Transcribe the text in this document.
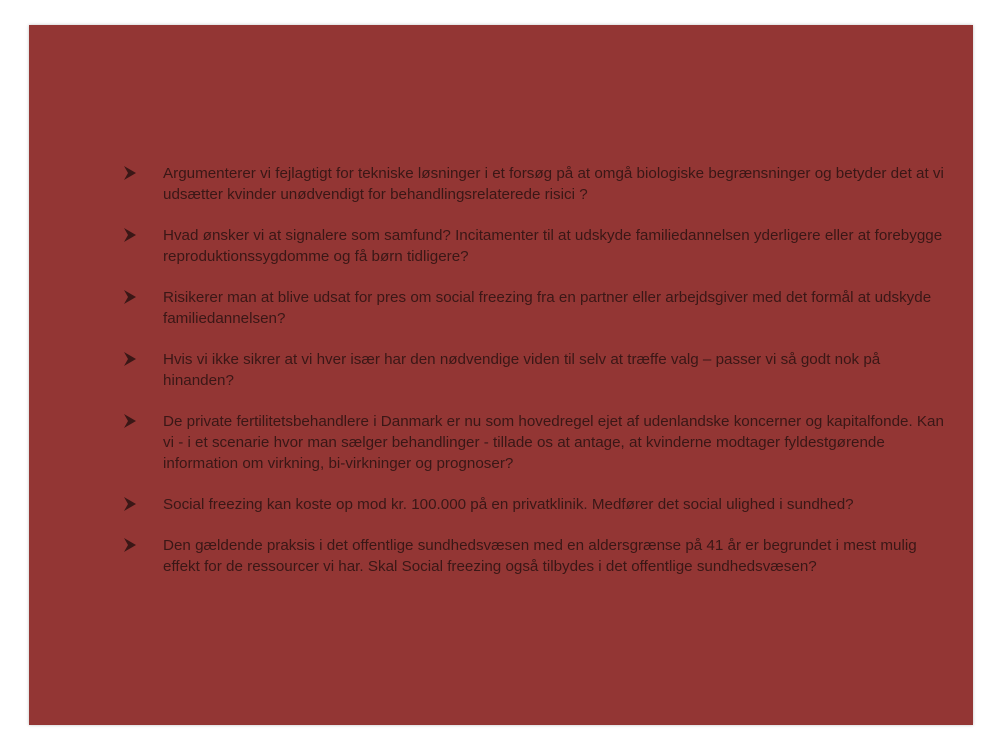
Argumenterer vi fejlagtigt for tekniske løsninger i et forsøg på at omgå biologiske begrænsninger og betyder det at vi udsætter kvinder unødvendigt for behandlingsrelaterede risici ?
Hvad ønsker vi at signalere som samfund? Incitamenter til at udskyde familiedannelsen yderligere eller at forebygge reproduktionssygdomme og få børn tidligere?
Risikerer man at blive udsat for pres om social freezing fra en partner eller arbejdsgiver med det formål at udskyde familiedannelsen?
Hvis vi ikke sikrer at vi hver især har den nødvendige viden til selv at træffe valg – passer vi så godt nok på hinanden?
De private fertilitetsbehandlere i Danmark er nu som hovedregel ejet af udenlandske koncerner og kapitalfonde. Kan vi - i et scenarie hvor man sælger behandlinger - tillade os at antage, at kvinderne modtager fyldestgørende information om virkning, bi-virkninger og prognoser?
Social freezing kan koste op mod kr. 100.000 på en privatklinik. Medfører det social ulighed i sundhed?
Den gældende praksis i det offentlige sundhedsvæsen med en aldersgrænse på 41 år er begrundet i mest mulig effekt for de ressourcer vi har. Skal Social freezing også tilbydes i det offentlige sundhedsvæsen?
